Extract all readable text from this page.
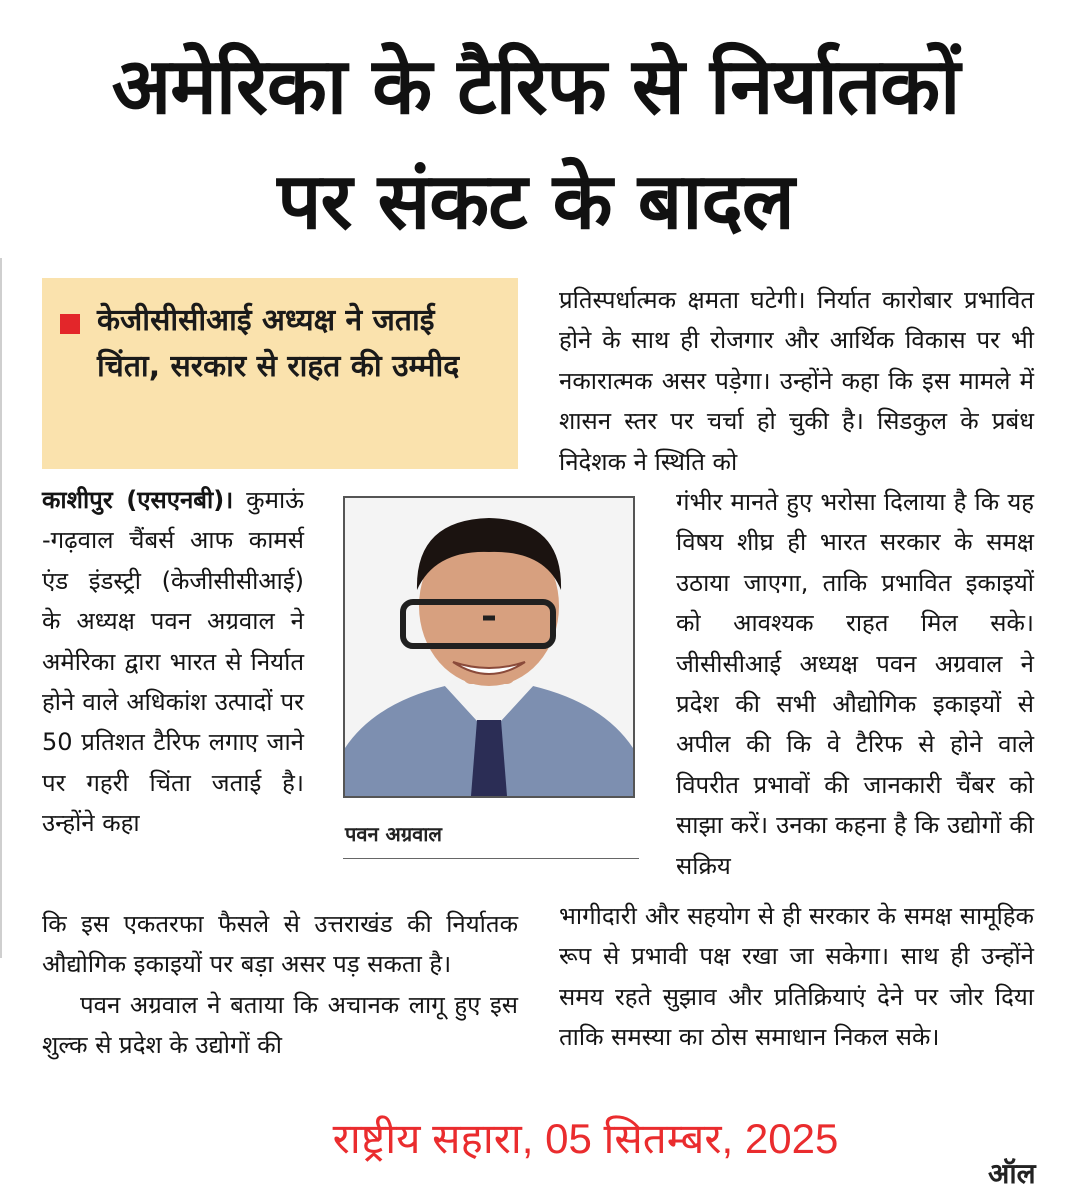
अमेरिका के टैरिफ से निर्यातकों
पर संकट के बादल
केजीसीसीआई अध्यक्ष ने जताई चिंता, सरकार से राहत की उम्मीद

काशीपुर (एसएनबी)। कुमाऊं -गढ़वाल चैंबर्स आफ कामर्स एंड इंडस्ट्री (केजीसीसीआई) के अध्यक्ष पवन अग्रवाल ने अमेरिका द्वारा भारत से निर्यात होने वाले अधिकांश उत्पादों पर 50 प्रतिशत टैरिफ लगाए जाने पर गहरी चिंता जताई है। उन्होंने कहा

कि इस एकतरफा फैसले से उत्तराखंड की निर्यातक औद्योगिक इकाइयों पर बड़ा असर पड़ सकता है।

पवन अग्रवाल ने बताया कि अचानक लागू हुए इस शुल्क से प्रदेश के उद्योगों की

प्रतिस्पर्धात्मक क्षमता घटेगी। निर्यात कारोबार प्रभावित होने के साथ ही रोजगार और आर्थिक विकास पर भी नकारात्मक असर पड़ेगा। उन्होंने कहा कि इस मामले में शासन स्तर पर चर्चा हो चुकी है। सिडकुल के प्रबंध निदेशक ने स्थिति को

गंभीर मानते हुए भरोसा दिलाया है कि यह विषय शीघ्र ही भारत सरकार के समक्ष उठाया जाएगा, ताकि प्रभावित इकाइयों को आवश्यक राहत मिल सके। जीसीसीआई अध्यक्ष पवन अग्रवाल ने प्रदेश की सभी औद्योगिक इकाइयों से अपील की कि वे टैरिफ से होने वाले विपरीत प्रभावों की जानकारी चैंबर को साझा करें। उनका कहना है कि उद्योगों की सक्रिय

भागीदारी और सहयोग से ही सरकार के समक्ष सामूहिक रूप से प्रभावी पक्ष रखा जा सकेगा। साथ ही उन्होंने समय रहते सुझाव और प्रतिक्रियाएं देने पर जोर दिया ताकि समस्या का ठोस समाधान निकल सके।

पवन अग्रवाल
राष्ट्रीय सहारा, 05 सितम्बर, 2025
ऑल
